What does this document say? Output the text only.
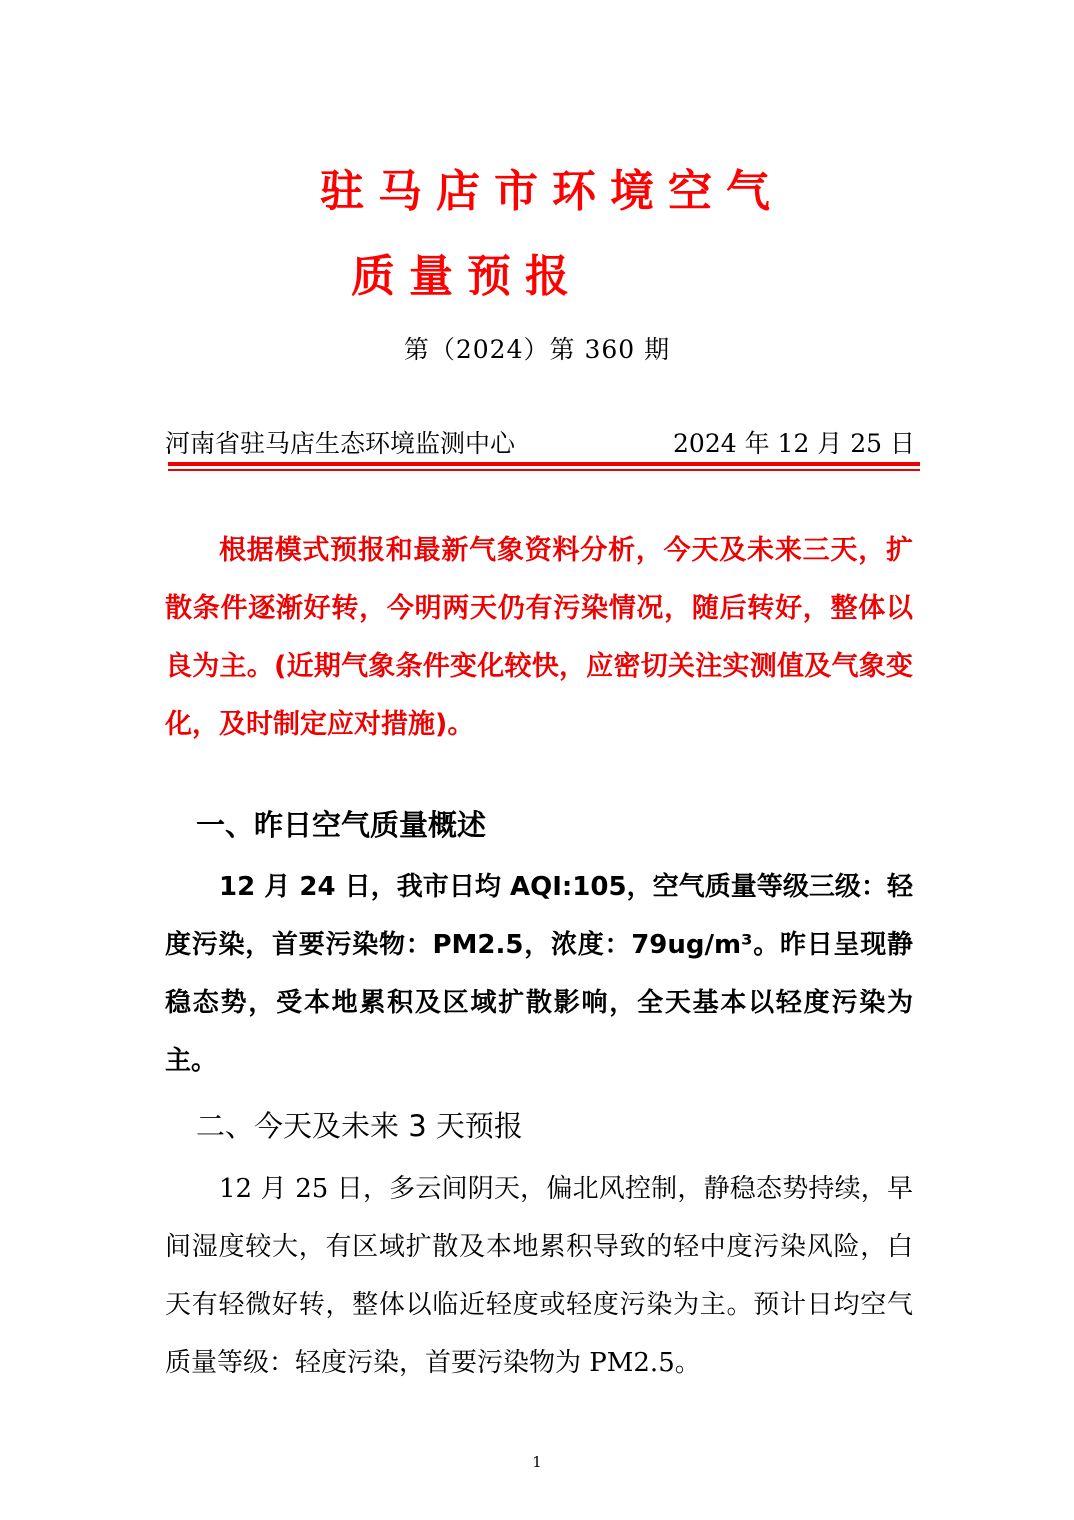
驻马店市环境空气
质量预报

第（2024）第 360 期

河南省驻马店生态环境监测中心	2024 年 12 月 25 日

根据模式预报和最新气象资料分析，今天及未来三天，扩散条件逐渐好转，今明两天仍有污染情况，随后转好，整体以良为主。(近期气象条件变化较快，应密切关注实测值及气象变化，及时制定应对措施)。

一、昨日空气质量概述

12 月 24 日，我市日均 AQI:105，空气质量等级三级：轻度污染，首要污染物：PM2.5，浓度：79ug/m³。昨日呈现静稳态势，受本地累积及区域扩散影响，全天基本以轻度污染为主。

二、今天及未来 3 天预报

12 月 25 日，多云间阴天，偏北风控制，静稳态势持续，早间湿度较大，有区域扩散及本地累积导致的轻中度污染风险，白天有轻微好转，整体以临近轻度或轻度污染为主。预计日均空气质量等级：轻度污染，首要污染物为 PM2.5。

1
